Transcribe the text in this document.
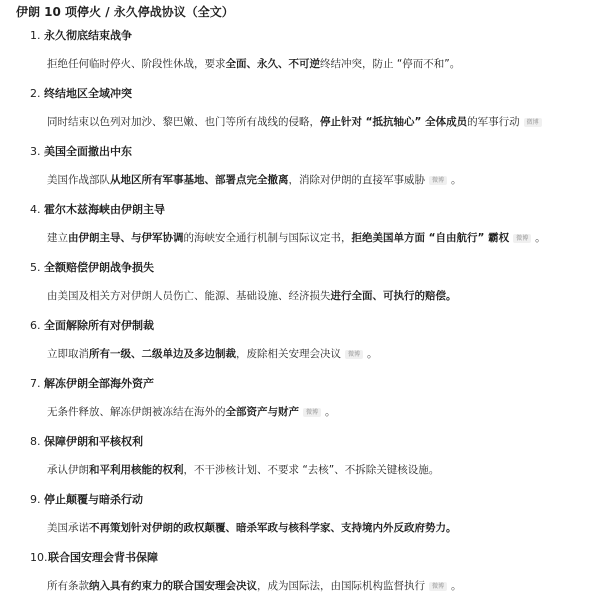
伊朗 10 项停火 / 永久停战协议（全文）
1. 永久彻底结束战争
拒绝任何临时停火、阶段性休战，要求全面、永久、不可逆终结冲突，防止 “停而不和”。
2. 终结地区全域冲突
同时结束以色列对加沙、黎巴嫩、也门等所有战线的侵略，停止针对 “抵抗轴心” 全体成员的军事行动 微博
3. 美国全面撤出中东
美国作战部队从地区所有军事基地、部署点完全撤离，消除对伊朗的直接军事威胁 微博 。
4. 霍尔木兹海峡由伊朗主导
建立由伊朗主导、与伊军协调的海峡安全通行机制与国际议定书，拒绝美国单方面 “自由航行” 霸权 微博 。
5. 全额赔偿伊朗战争损失
由美国及相关方对伊朗人员伤亡、能源、基础设施、经济损失进行全面、可执行的赔偿。
6. 全面解除所有对伊制裁
立即取消所有一级、二级单边及多边制裁，废除相关安理会决议 微博 。
7. 解冻伊朗全部海外资产
无条件释放、解冻伊朗被冻结在海外的全部资产与财产 微博 。
8. 保障伊朗和平核权利
承认伊朗和平利用核能的权利，不干涉核计划、不要求 “去核”、不拆除关键核设施。
9. 停止颠覆与暗杀行动
美国承诺不再策划针对伊朗的政权颠覆、暗杀军政与核科学家、支持境内外反政府势力。
10. 联合国安理会背书保障
所有条款纳入具有约束力的联合国安理会决议，成为国际法，由国际机构监督执行 微博 。
